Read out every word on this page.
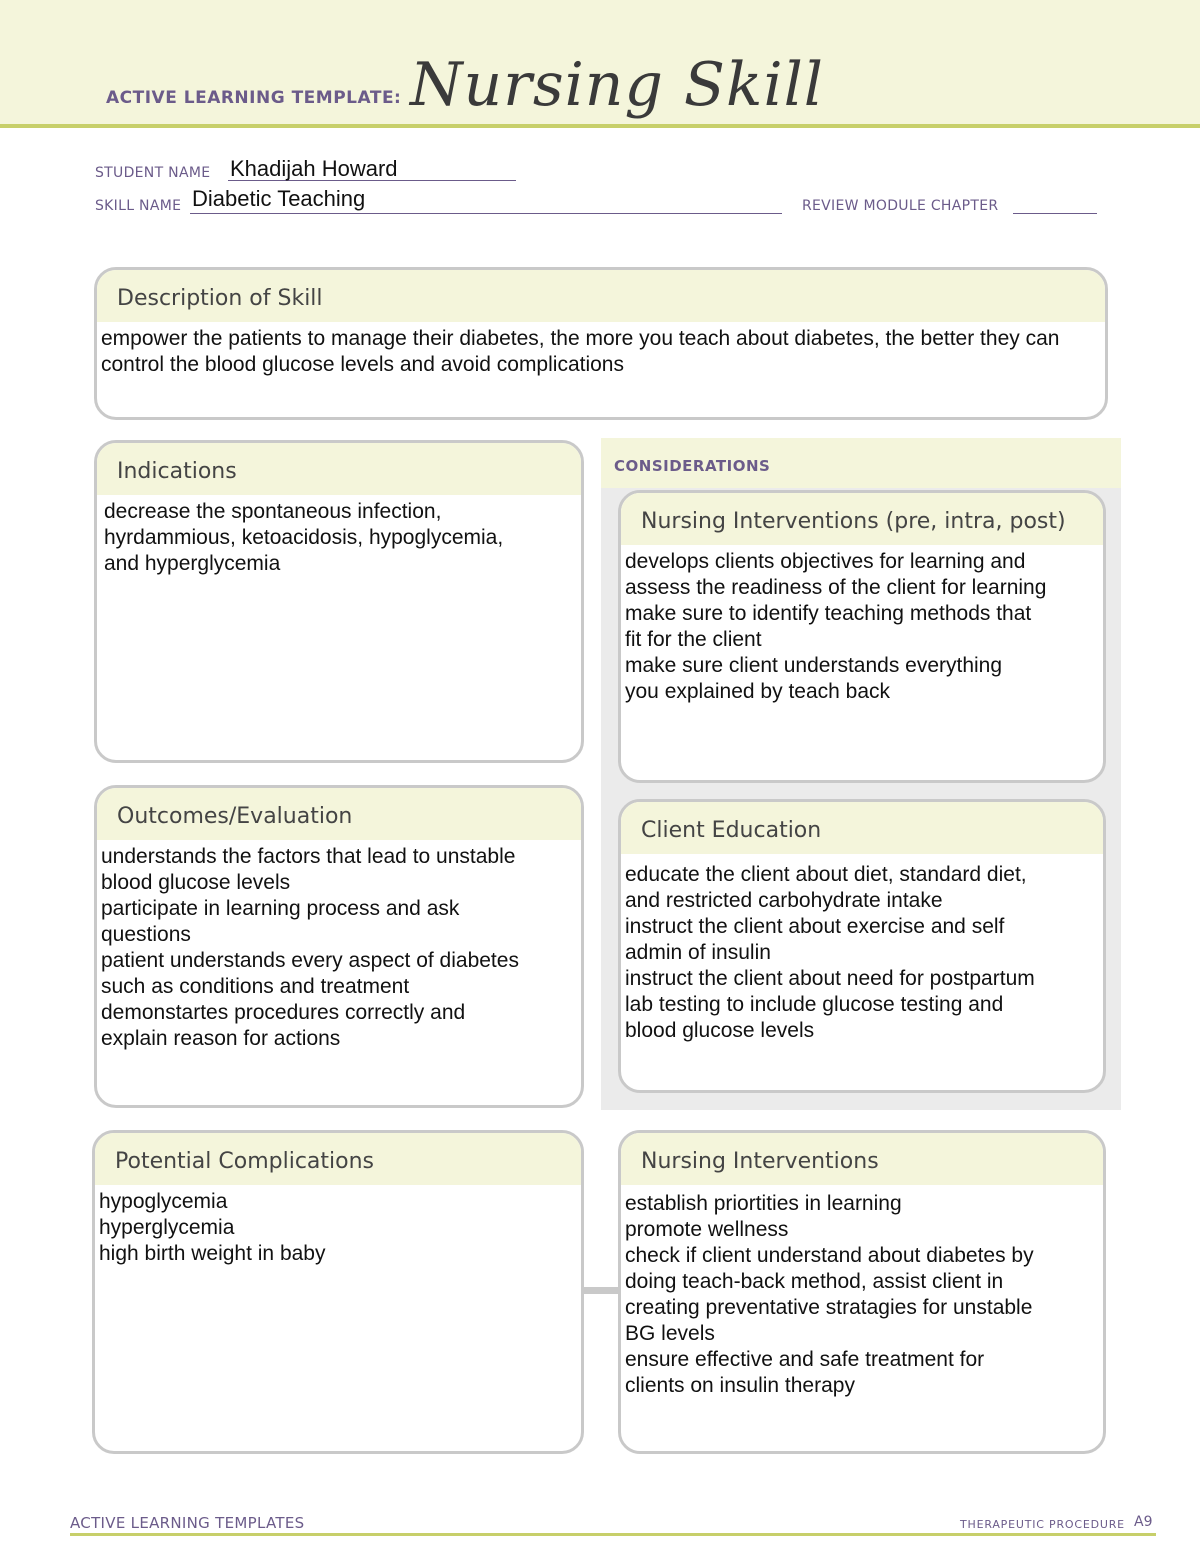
ACTIVE LEARNING TEMPLATE: Nursing Skill
STUDENT NAME Khadijah Howard
SKILL NAME Diabetic Teaching	REVIEW MODULE CHAPTER
Description of Skill
empower the patients to manage their diabetes, the more you teach about diabetes, the better they can control the blood glucose levels and avoid complications
Indications
decrease the spontaneous infection,
hyrdammious, ketoacidosis, hypoglycemia,
and hyperglycemia
CONSIDERATIONS
Nursing Interventions (pre, intra, post)
develops clients objectives for learning and
assess the readiness of the client for learning
make sure to identify teaching methods that
fit for the client
make sure client understands everything
you explained by teach back
Outcomes/Evaluation
understands the factors that lead to unstable
blood glucose levels
participate in learning process and ask
questions
patient understands every aspect of diabetes
such as conditions and treatment
demonstartes procedures correctly and
explain reason for actions
Client Education
educate the client about diet, standard diet,
and restricted carbohydrate intake
instruct the client about exercise and self
admin of insulin
instruct the client about need for postpartum
lab testing to include glucose testing and
blood glucose levels
Potential Complications
hypoglycemia
hyperglycemia
high birth weight in baby
Nursing Interventions
establish priortities in learning
promote wellness
check if client understand about diabetes by
doing teach-back method, assist client in
creating preventative stratagies for unstable
BG levels
ensure effective and safe treatment for
clients on insulin therapy
ACTIVE LEARNING TEMPLATES	THERAPEUTIC PROCEDURE A9
